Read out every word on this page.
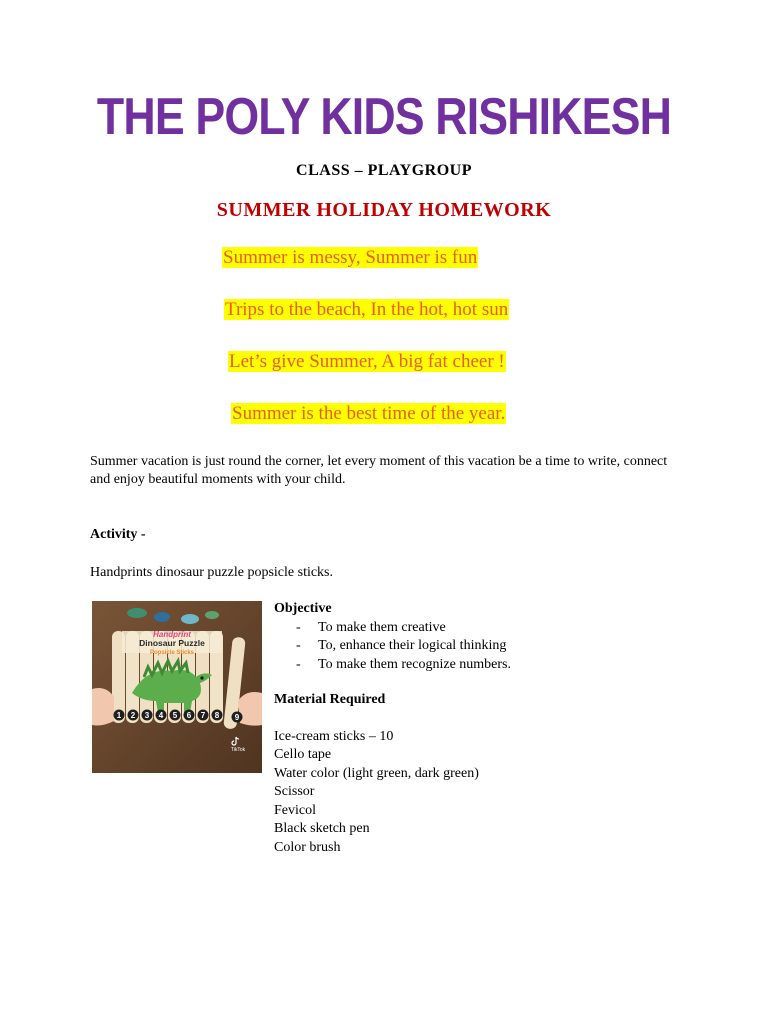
THE POLY KIDS RISHIKESH
CLASS – PLAYGROUP
SUMMER HOLIDAY HOMEWORK
Summer is messy, Summer is fun
Trips to the beach, In the hot, hot sun
Let’s give Summer, A big fat cheer !
Summer is the best time of the year.
Summer vacation is just round the corner, let every moment of this vacation be a time to write, connect and enjoy beautiful moments with your child.
Activity -
Handprints dinosaur puzzle popsicle sticks.
1 2 3 4 5 6 7 8 9
Handprint
Dinosaur Puzzle
Popsicle Sticks
TikTok
Objective
- To make them creative
- To, enhance their logical thinking
- To make them recognize numbers.
Material Required
Ice-cream sticks – 10
Cello tape
Water color (light green, dark green)
Scissor
Fevicol
Black sketch pen
Color brush
